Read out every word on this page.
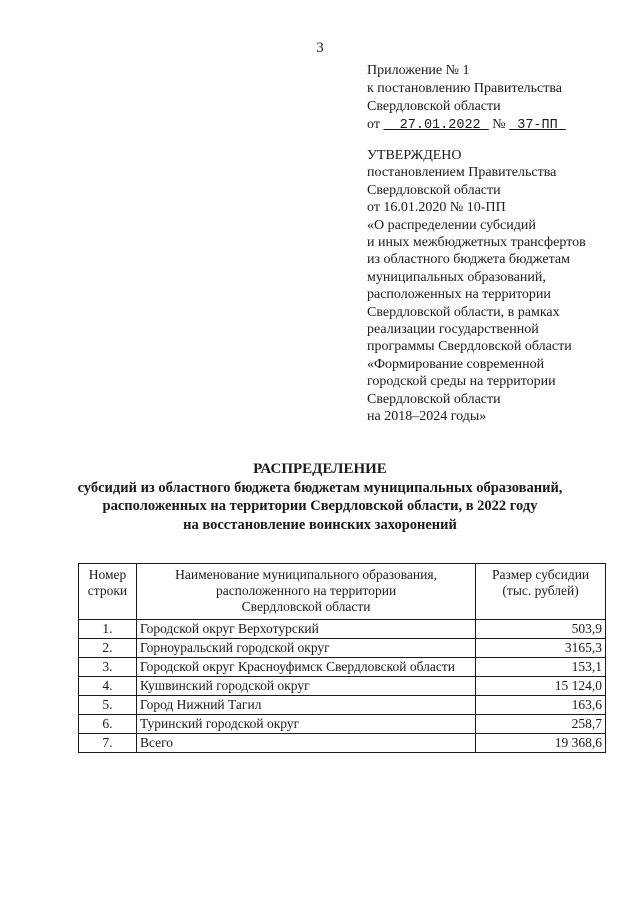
3
Приложение № 1
к постановлению Правительства
Свердловской области
от 27.01.2022 № 37-ПП
УТВЕРЖДЕНО
постановлением Правительства
Свердловской области
от 16.01.2020 № 10-ПП
«О распределении субсидий
и иных межбюджетных трансфертов
из областного бюджета бюджетам
муниципальных образований,
расположенных на территории
Свердловской области, в рамках
реализации государственной
программы Свердловской области
«Формирование современной
городской среды на территории
Свердловской области
на 2018–2024 годы»
РАСПРЕДЕЛЕНИЕ
субсидий из областного бюджета бюджетам муниципальных образований,
расположенных на территории Свердловской области, в 2022 году
на восстановление воинских захоронений
Номер
строки	Наименование муниципального образования,
расположенного на территории
Свердловской области	Размер субсидии
(тыс. рублей)
1.	Городской округ Верхотурский	503,9
2.	Горноуральский городской округ	3165,3
3.	Городской округ Красноуфимск Свердловской области	153,1
4.	Кушвинский городской округ	15 124,0
5.	Город Нижний Тагил	163,6
6.	Туринский городской округ	258,7
7.	Всего	19 368,6
